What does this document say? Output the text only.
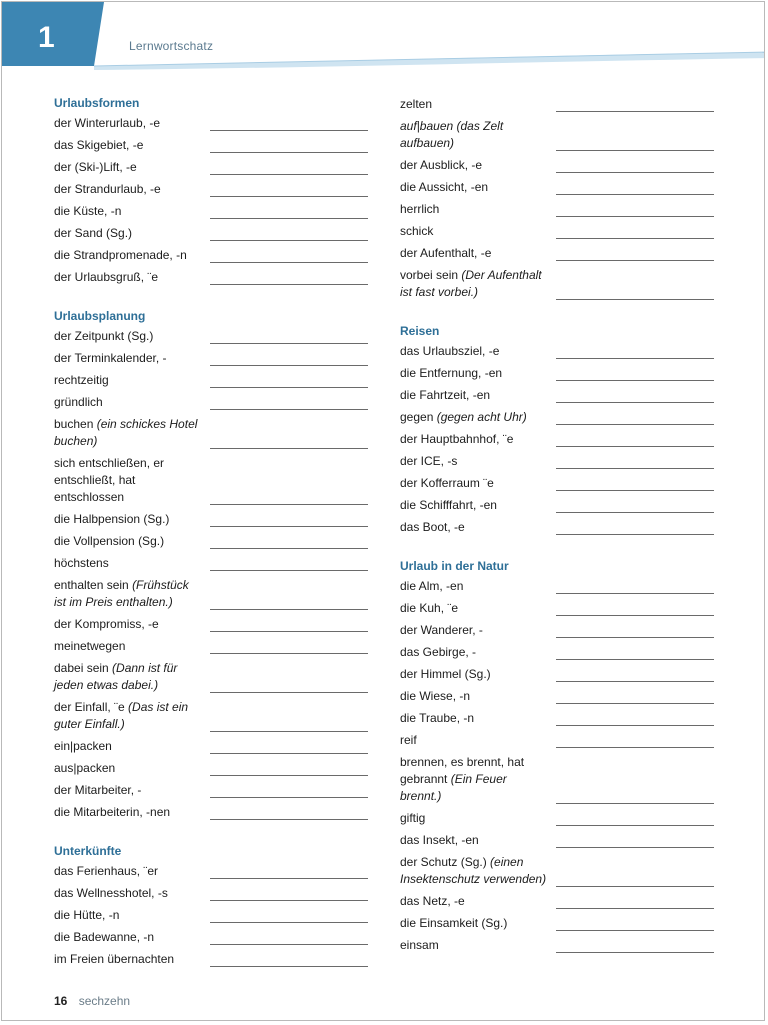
1	Lernwortschatz
Urlaubsformen
der Winterurlaub, -e
das Skigebiet, -e
der (Ski-)Lift, -e
der Strandurlaub, -e
die Küste, -n
der Sand (Sg.)
die Strandpromenade, -n
der Urlaubsgruß, ¨e
Urlaubsplanung
der Zeitpunkt (Sg.)
der Terminkalender, -
rechtzeitig
gründlich
buchen (ein schickes Hotel buchen)
sich entschließen, er entschließt, hat entschlossen
die Halbpension (Sg.)
die Vollpension (Sg.)
höchstens
enthalten sein (Frühstück ist im Preis enthalten.)
der Kompromiss, -e
meinetwegen
dabei sein (Dann ist für jeden etwas dabei.)
der Einfall, ¨e (Das ist ein guter Einfall.)
ein|packen
aus|packen
der Mitarbeiter, -
die Mitarbeiterin, -nen
Unterkünfte
das Ferienhaus, ¨er
das Wellnesshotel, -s
die Hütte, -n
die Badewanne, -n
im Freien übernachten
zelten
auf|bauen (das Zelt aufbauen)
der Ausblick, -e
die Aussicht, -en
herrlich
schick
der Aufenthalt, -e
vorbei sein (Der Aufenthalt ist fast vorbei.)
Reisen
das Urlaubsziel, -e
die Entfernung, -en
die Fahrtzeit, -en
gegen (gegen acht Uhr)
der Hauptbahnhof, ¨e
der ICE, -s
der Kofferraum ¨e
die Schifffahrt, -en
das Boot, -e
Urlaub in der Natur
die Alm, -en
die Kuh, ¨e
der Wanderer, -
das Gebirge, -
der Himmel (Sg.)
die Wiese, -n
die Traube, -n
reif
brennen, es brennt, hat gebrannt (Ein Feuer brennt.)
giftig
das Insekt, -en
der Schutz (Sg.) (einen Insektenschutz verwenden)
das Netz, -e
die Einsamkeit (Sg.)
einsam
16 sechzehn
